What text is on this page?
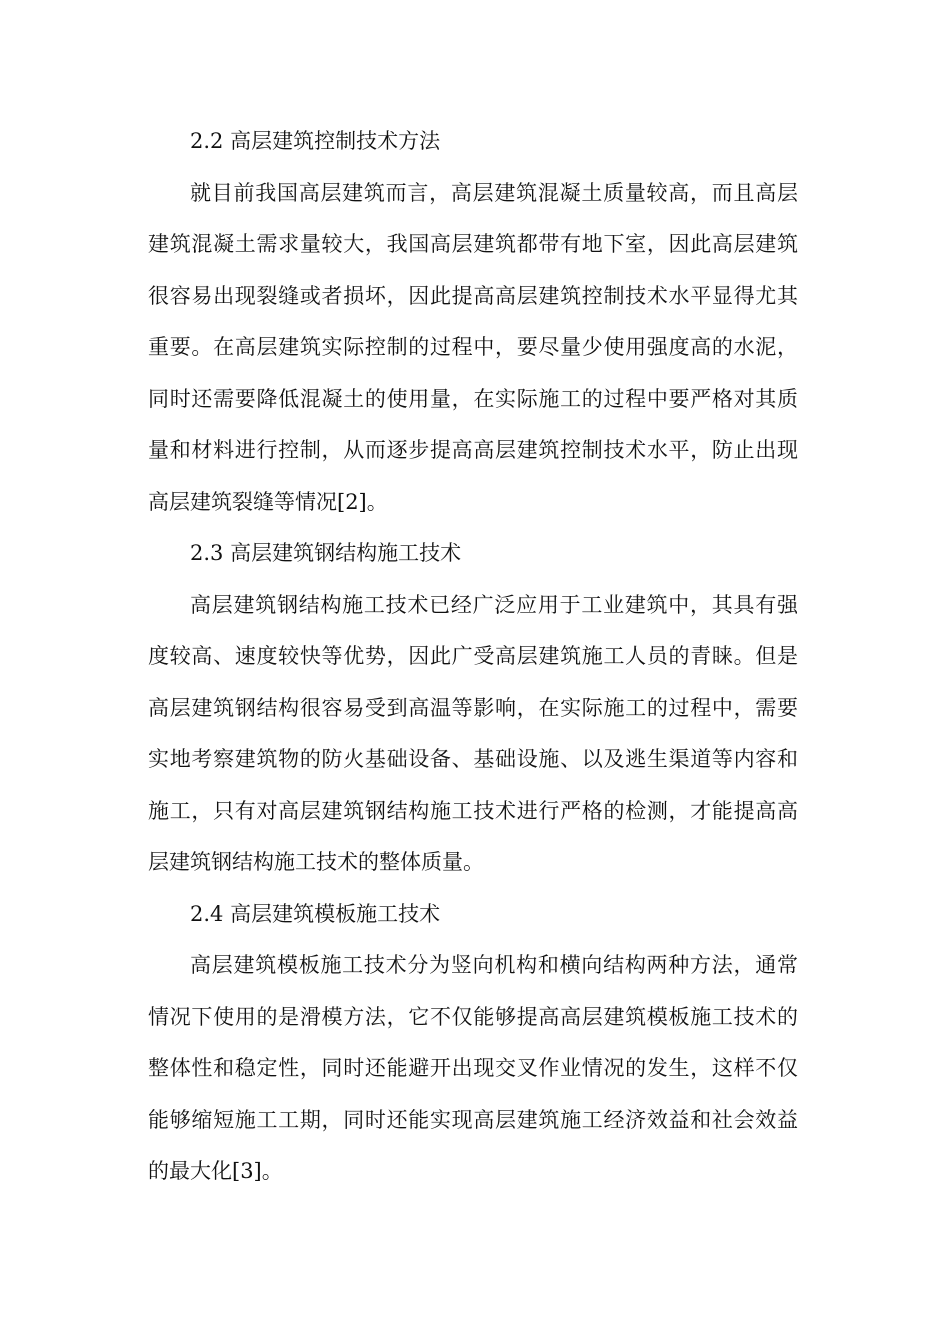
2.2 高层建筑控制技术方法

就目前我国高层建筑而言，高层建筑混凝土质量较高，而且高层建筑混凝土需求量较大，我国高层建筑都带有地下室，因此高层建筑很容易出现裂缝或者损坏，因此提高高层建筑控制技术水平显得尤其重要。在高层建筑实际控制的过程中，要尽量少使用强度高的水泥，同时还需要降低混凝土的使用量，在实际施工的过程中要严格对其质量和材料进行控制，从而逐步提高高层建筑控制技术水平，防止出现高层建筑裂缝等情况[2]。

2.3 高层建筑钢结构施工技术

高层建筑钢结构施工技术已经广泛应用于工业建筑中，其具有强度较高、速度较快等优势，因此广受高层建筑施工人员的青睐。但是高层建筑钢结构很容易受到高温等影响，在实际施工的过程中，需要实地考察建筑物的防火基础设备、基础设施、以及逃生渠道等内容和施工，只有对高层建筑钢结构施工技术进行严格的检测，才能提高高层建筑钢结构施工技术的整体质量。

2.4 高层建筑模板施工技术

高层建筑模板施工技术分为竖向机构和横向结构两种方法，通常情况下使用的是滑模方法，它不仅能够提高高层建筑模板施工技术的整体性和稳定性，同时还能避开出现交叉作业情况的发生，这样不仅能够缩短施工工期，同时还能实现高层建筑施工经济效益和社会效益的最大化[3]。
